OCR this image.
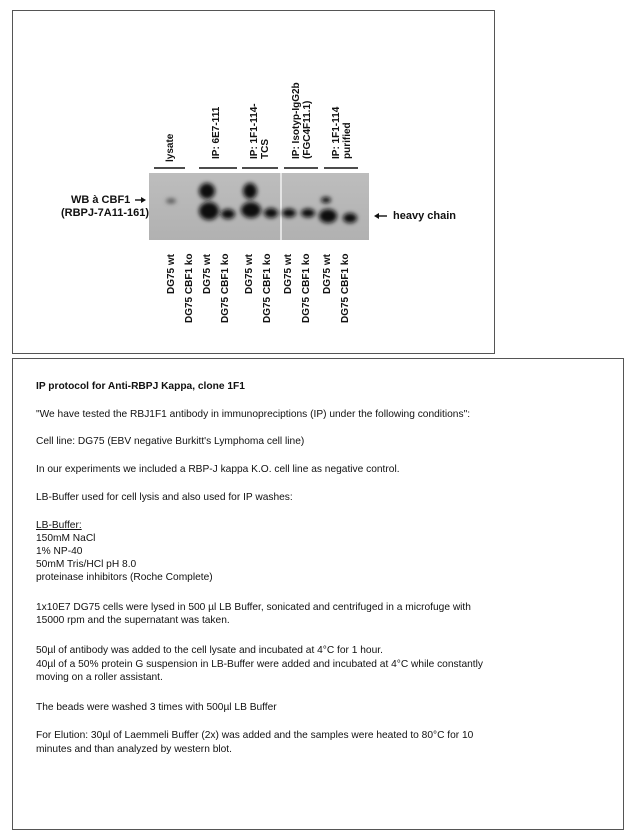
WB à CBF1
(RBPJ-7A11-161)	heavy chain
lysate	IP: 6E7-111	IP: 1F1-114- TCS IP: Isotyp-IgG2b (FGC4F11.1) IP: 1F1-114 purified
DG75 wt DG75 CBF1 ko DG75 wt DG75 CBF1 ko DG75 wt DG75 CBF1 ko DG75 wt DG75 CBF1 ko DG75 wt DG75 CBF1 ko
IP protocol for Anti-RBPJ Kappa, clone 1F1
"We have tested the RBJ1F1 antibody in immunopreciptions (IP) under the following conditions":
Cell line: DG75 (EBV negative Burkitt's Lymphoma cell line)
In our experiments we included a RBP-J kappa K.O. cell line as negative control.
LB-Buffer used for cell lysis and also used for IP washes:
LB-Buffer:
150mM NaCl
1% NP-40
50mM Tris/HCl pH 8.0
proteinase inhibitors (Roche Complete)
1x10E7 DG75 cells were lysed in 500 µl LB Buffer, sonicated and centrifuged in a microfuge with
15000 rpm and the supernatant was taken.
50µl of antibody was added to the cell lysate and incubated at 4°C for 1 hour.
40µl of a 50% protein G suspension in LB-Buffer were added and incubated at 4°C while constantly
moving on a roller assistant.
The beads were washed 3 times with 500µl LB Buffer
For Elution: 30µl of Laemmeli Buffer (2x) was added and the samples were heated to 80°C for 10
minutes and than analyzed by western blot.
